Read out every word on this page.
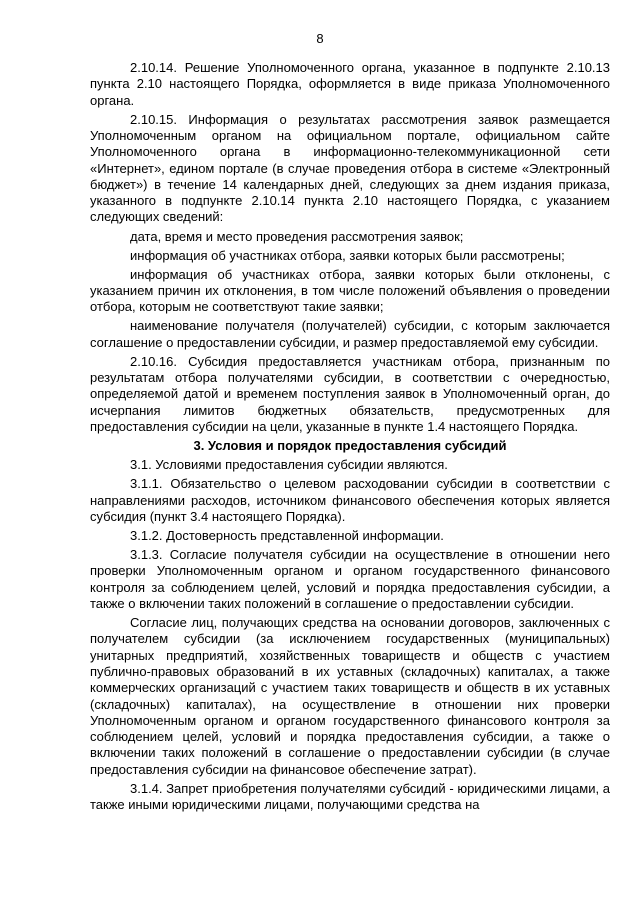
8

2.10.14. Решение Уполномоченного органа, указанное в подпункте 2.10.13 пункта 2.10 настоящего Порядка, оформляется в виде приказа Уполномоченного органа.

2.10.15. Информация о результатах рассмотрения заявок размещается Уполномоченным органом на официальном портале, официальном сайте Уполномоченного органа в информационно-телекоммуникационной сети «Интернет», едином портале (в случае проведения отбора в системе «Электронный бюджет») в течение 14 календарных дней, следующих за днем издания приказа, указанного в подпункте 2.10.14 пункта 2.10 настоящего Порядка, с указанием следующих сведений:

дата, время и место проведения рассмотрения заявок;

информация об участниках отбора, заявки которых были рассмотрены;

информация об участниках отбора, заявки которых были отклонены, с указанием причин их отклонения, в том числе положений объявления о проведении отбора, которым не соответствуют такие заявки;

наименование получателя (получателей) субсидии, с которым заключается соглашение о предоставлении субсидии, и размер предоставляемой ему субсидии.

2.10.16. Субсидия предоставляется участникам отбора, признанным по результатам отбора получателями субсидии, в соответствии с очередностью, определяемой датой и временем поступления заявок в Уполномоченный орган, до исчерпания лимитов бюджетных обязательств, предусмотренных для предоставления субсидии на цели, указанные в пункте 1.4 настоящего Порядка.

3. Условия и порядок предоставления субсидий

3.1. Условиями предоставления субсидии являются.

3.1.1. Обязательство о целевом расходовании субсидии в соответствии с направлениями расходов, источником финансового обеспечения которых является субсидия (пункт 3.4 настоящего Порядка).

3.1.2. Достоверность представленной информации.

3.1.3. Согласие получателя субсидии на осуществление в отношении него проверки Уполномоченным органом и органом государственного финансового контроля за соблюдением целей, условий и порядка предоставления субсидии, а также о включении таких положений в соглашение о предоставлении субсидии.

Согласие лиц, получающих средства на основании договоров, заключенных с получателем субсидии (за исключением государственных (муниципальных) унитарных предприятий, хозяйственных товариществ и обществ с участием публично-правовых образований в их уставных (складочных) капиталах, а также коммерческих организаций с участием таких товариществ и обществ в их уставных (складочных) капиталах), на осуществление в отношении них проверки Уполномоченным органом и органом государственного финансового контроля за соблюдением целей, условий и порядка предоставления субсидии, а также о включении таких положений в соглашение о предоставлении субсидии (в случае предоставления субсидии на финансовое обеспечение затрат).

3.1.4. Запрет приобретения получателями субсидий - юридическими лицами, а также иными юридическими лицами, получающими средства на
